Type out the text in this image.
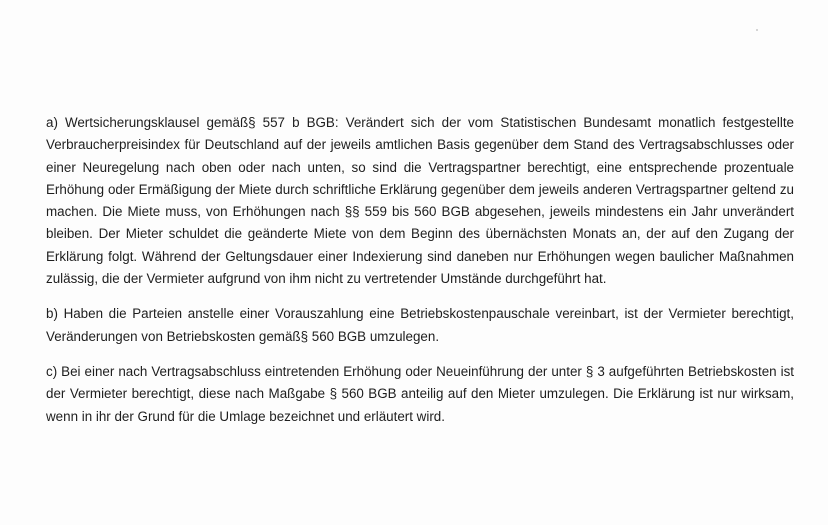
a) Wertsicherungsklausel gemäß§ 557 b BGB: Verändert sich der vom Statistischen Bundesamt monatlich festgestellte Verbraucherpreisindex für Deutschland auf der jeweils amtlichen Basis gegenüber dem Stand des Vertragsabschlusses oder einer Neuregelung nach oben oder nach unten, so sind die Vertragspartner berechtigt, eine entsprechende prozentuale Erhöhung oder Ermäßigung der Miete durch schriftliche Erklärung gegenüber dem jeweils anderen Vertragspartner geltend zu machen. Die Miete muss, von Erhöhungen nach §§ 559 bis 560 BGB abgesehen, jeweils mindestens ein Jahr unverändert bleiben. Der Mieter schuldet die geänderte Miete von dem Beginn des übernächsten Monats an, der auf den Zugang der Erklärung folgt. Während der Geltungsdauer einer Indexierung sind daneben nur Erhöhungen wegen baulicher Maßnahmen zulässig, die der Vermieter aufgrund von ihm nicht zu vertretender Umstände durchgeführt hat.

b) Haben die Parteien anstelle einer Vorauszahlung eine Betriebskostenpauschale vereinbart, ist der Vermieter berechtigt, Veränderungen von Betriebskosten gemäß§ 560 BGB umzulegen.

c) Bei einer nach Vertragsabschluss eintretenden Erhöhung oder Neueinführung der unter § 3 aufgeführten Betriebskosten ist der Vermieter berechtigt, diese nach Maßgabe § 560 BGB anteilig auf den Mieter umzulegen. Die Erklärung ist nur wirksam, wenn in ihr der Grund für die Umlage bezeichnet und erläutert wird.
